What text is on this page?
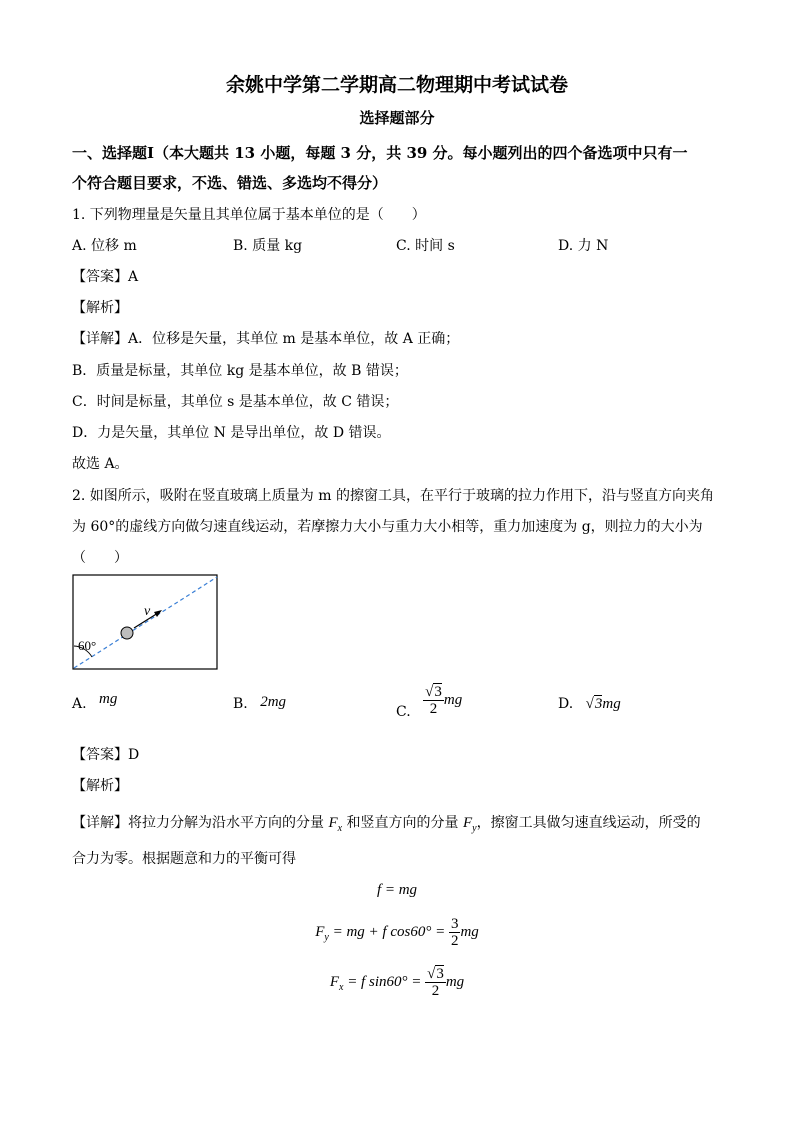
余姚中学第二学期高二物理期中考试试卷
选择题部分
一、选择题Ⅰ（本大题共 13 小题，每题 3 分，共 39 分。每小题列出的四个备选项中只有一
个符合题目要求，不选、错选、多选均不得分）
1. 下列物理量是矢量且其单位属于基本单位的是（　　）
A. 位移 m	B. 质量 kg	C. 时间 s	D. 力 N
【答案】A
【解析】
【详解】A．位移是矢量，其单位 m 是基本单位，故 A 正确；
B．质量是标量，其单位 kg 是基本单位，故 B 错误；
C．时间是标量，其单位 s 是基本单位，故 C 错误；
D．力是矢量，其单位 N 是导出单位，故 D 错误。
故选 A。
2. 如图所示，吸附在竖直玻璃上质量为 m 的擦窗工具，在平行于玻璃的拉力作用下，沿与竖直方向夹角
为 60°的虚线方向做匀速直线运动，若摩擦力大小与重力大小相等，重力加速度为 g，则拉力的大小为
（　　）
60°
v
A. mg	B. 2mg
C. $\frac{√3}{2}$ mg	D. √3mg
【答案】D
【解析】
【详解】将拉力分解为沿水平方向的分量 $F_x$ 和竖直方向的分量 $F_y$，擦窗工具做匀速直线运动，所受的
合力为零。根据题意和力的平衡可得
f = mg
$F_y$ = mg + f $\cos 60^\circ = \frac{3}{2}$ mg
$F_x = f$ $\sin 60^\circ = \frac{√3}{2}$ mg
